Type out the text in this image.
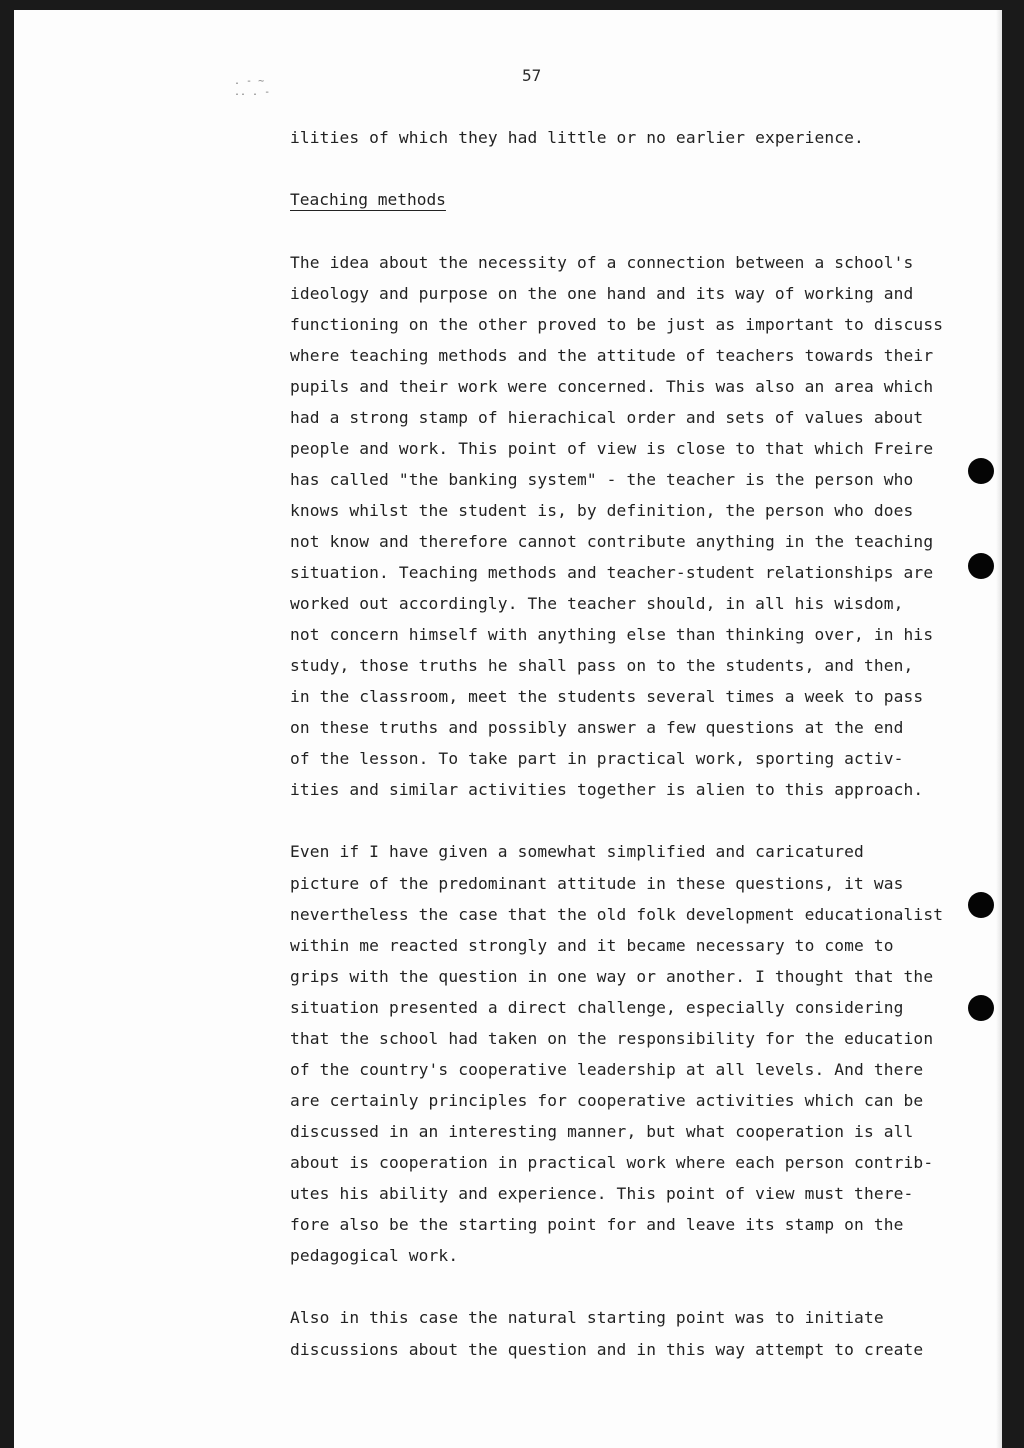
. - ~
.. . -
57
ilities of which they had little or no earlier experience.
Teaching methods
The idea about the necessity of a connection between a school's
ideology and purpose on the one hand and its way of working and
functioning on the other proved to be just as important to discuss
where teaching methods and the attitude of teachers towards their
pupils and their work were concerned. This was also an area which
had a strong stamp of hierachical order and sets of values about
people and work. This point of view is close to that which Freire
has called "the banking system" - the teacher is the person who
knows whilst the student is, by definition, the person who does
not know and therefore cannot contribute anything in the teaching
situation. Teaching methods and teacher-student relationships are
worked out accordingly. The teacher should, in all his wisdom,
not concern himself with anything else than thinking over, in his
study, those truths he shall pass on to the students, and then,
in the classroom, meet the students several times a week to pass
on these truths and possibly answer a few questions at the end
of the lesson. To take part in practical work, sporting activ-
ities and similar activities together is alien to this approach.
Even if I have given a somewhat simplified and caricatured
picture of the predominant attitude in these questions, it was
nevertheless the case that the old folk development educationalist
within me reacted strongly and it became necessary to come to
grips with the question in one way or another. I thought that the
situation presented a direct challenge, especially considering
that the school had taken on the responsibility for the education
of the country's cooperative leadership at all levels. And there
are certainly principles for cooperative activities which can be
discussed in an interesting manner, but what cooperation is all
about is cooperation in practical work where each person contrib-
utes his ability and experience. This point of view must there-
fore also be the starting point for and leave its stamp on the
pedagogical work.
Also in this case the natural starting point was to initiate
discussions about the question and in this way attempt to create
